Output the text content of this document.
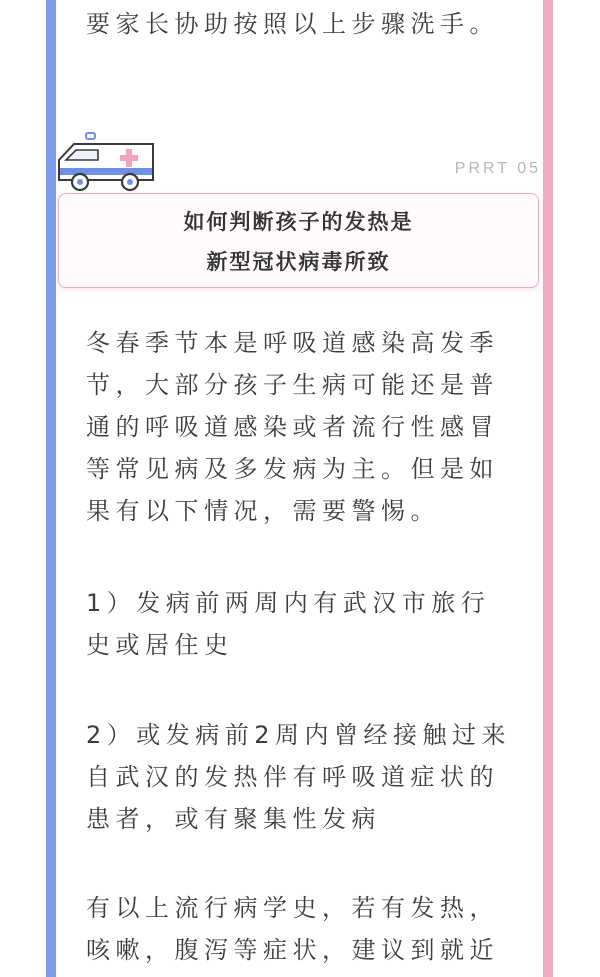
要家长协助按照以上步骤洗手。

PRRT 05
如何判断孩子的发热是
新型冠状病毒所致

冬春季节本是呼吸道感染高发季节，大部分孩子生病可能还是普通的呼吸道感染或者流行性感冒等常见病及多发病为主。但是如果有以下情况，需要警惕。

1）发病前两周内有武汉市旅行史或居住史

2）或发病前2周内曾经接触过来自武汉的发热伴有呼吸道症状的患者，或有聚集性发病

有以上流行病学史，若有发热，咳嗽，腹泻等症状，建议到就近
